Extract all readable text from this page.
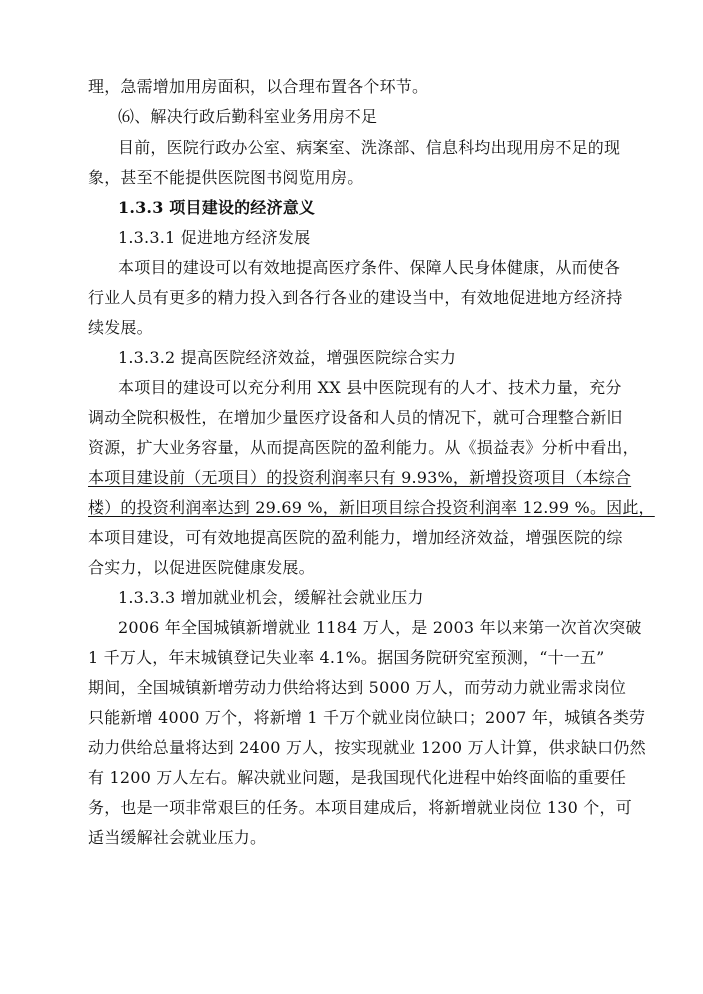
理，急需增加用房面积，以合理布置各个环节。
⑹、解决行政后勤科室业务用房不足
目前，医院行政办公室、病案室、洗涤部、信息科均出现用房不足的现
象，甚至不能提供医院图书阅览用房。
1.3.3 项目建设的经济意义
1.3.3.1 促进地方经济发展
本项目的建设可以有效地提高医疗条件、保障人民身体健康，从而使各
行业人员有更多的精力投入到各行各业的建设当中，有效地促进地方经济持
续发展。
1.3.3.2 提高医院经济效益，增强医院综合实力
本项目的建设可以充分利用 XX 县中医院现有的人才、技术力量，充分
调动全院积极性，在增加少量医疗设备和人员的情况下，就可合理整合新旧
资源，扩大业务容量，从而提高医院的盈利能力。从《损益表》分析中看出，
本项目建设前（无项目）的投资利润率只有 9.93%，新增投资项目（本综合
楼）的投资利润率达到 29.69 %，新旧项目综合投资利润率 12.99 %。因此，
本项目建设，可有效地提高医院的盈利能力，增加经济效益，增强医院的综
合实力，以促进医院健康发展。
1.3.3.3 增加就业机会，缓解社会就业压力
2006 年全国城镇新增就业 1184 万人，是 2003 年以来第一次首次突破
1 千万人，年末城镇登记失业率 4.1%。据国务院研究室预测，“十一五”
期间，全国城镇新增劳动力供给将达到 5000 万人，而劳动力就业需求岗位
只能新增 4000 万个，将新增 1 千万个就业岗位缺口；2007 年，城镇各类劳
动力供给总量将达到 2400 万人，按实现就业 1200 万人计算，供求缺口仍然
有 1200 万人左右。解决就业问题，是我国现代化进程中始终面临的重要任
务，也是一项非常艰巨的任务。本项目建成后，将新增就业岗位 130 个，可
适当缓解社会就业压力。
